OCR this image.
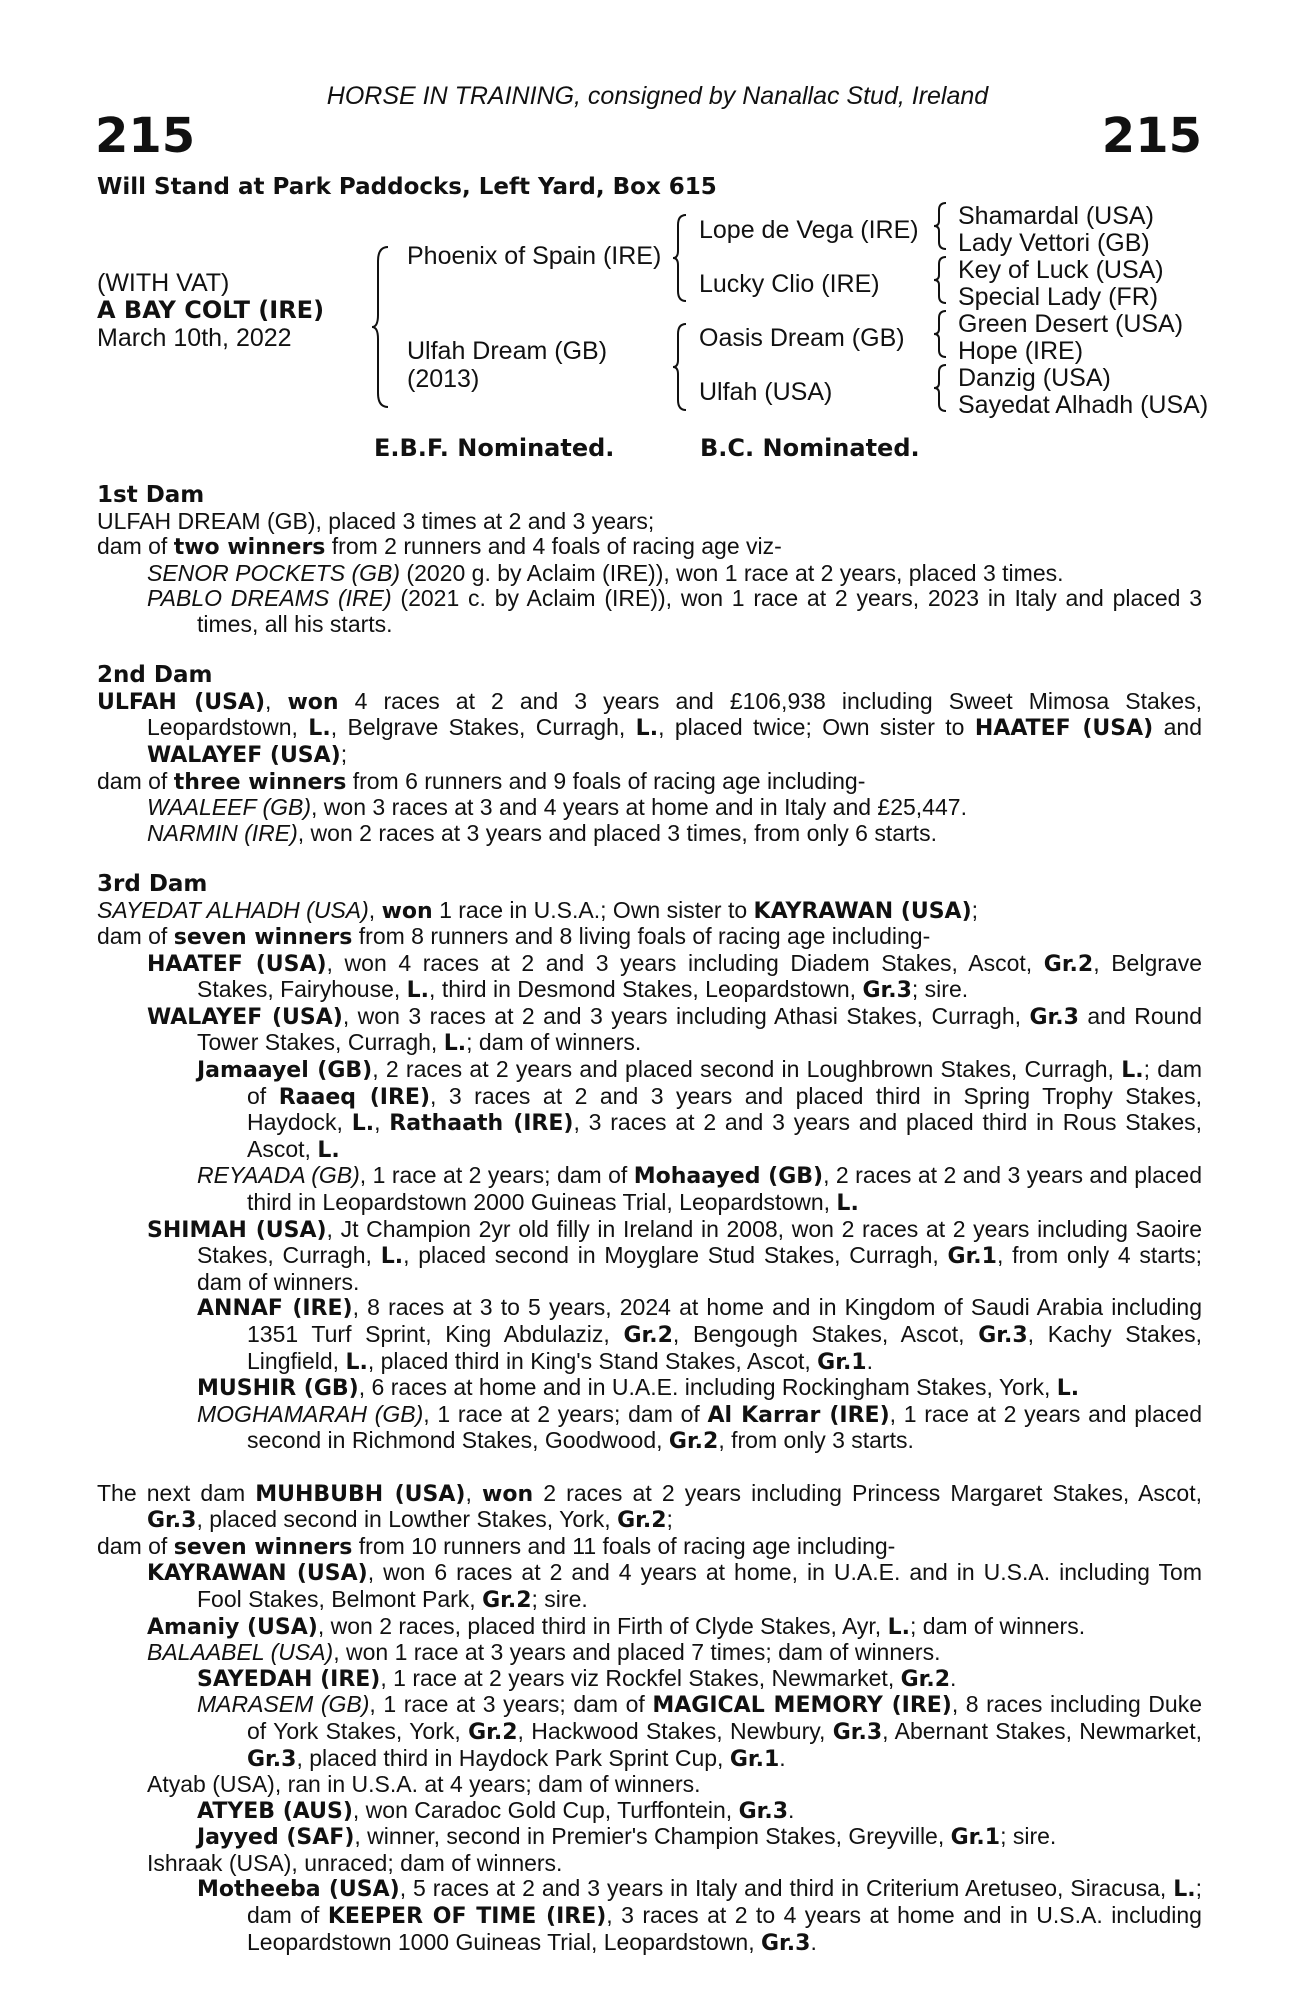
HORSE IN TRAINING, consigned by Nanallac Stud, Ireland
215	215
Will Stand at Park Paddocks, Left Yard, Box 615
(WITH VAT)
A BAY COLT (IRE)
March 10th, 2022
Phoenix of Spain (IRE)
Ulfah Dream (GB)
(2013)
Lope de Vega (IRE)
Lucky Clio (IRE)
Oasis Dream (GB)
Ulfah (USA)
Shamardal (USA)
Lady Vettori (GB)
Key of Luck (USA)
Special Lady (FR)
Green Desert (USA)
Hope (IRE)
Danzig (USA)
Sayedat Alhadh (USA)
E.B.F. Nominated.	B.C. Nominated.

1st Dam

ULFAH DREAM (GB), placed 3 times at 2 and 3 years;

dam of two winners from 2 runners and 4 foals of racing age viz-

SENOR POCKETS (GB) (2020 g. by Aclaim (IRE)), won 1 race at 2 years, placed 3 times.

PABLO DREAMS (IRE) (2021 c. by Aclaim (IRE)), won 1 race at 2 years, 2023 in Italy and placed 3 times, all his starts.

2nd Dam

ULFAH (USA), won 4 races at 2 and 3 years and £106,938 including Sweet Mimosa Stakes, Leopardstown, L., Belgrave Stakes, Curragh, L., placed twice; Own sister to HAATEF (USA) and WALAYEF (USA);

dam of three winners from 6 runners and 9 foals of racing age including-

WAALEEF (GB), won 3 races at 3 and 4 years at home and in Italy and £25,447.

NARMIN (IRE), won 2 races at 3 years and placed 3 times, from only 6 starts.

3rd Dam

SAYEDAT ALHADH (USA), won 1 race in U.S.A.; Own sister to KAYRAWAN (USA);

dam of seven winners from 8 runners and 8 living foals of racing age including-

HAATEF (USA), won 4 races at 2 and 3 years including Diadem Stakes, Ascot, Gr.2, Belgrave Stakes, Fairyhouse, L., third in Desmond Stakes, Leopardstown, Gr.3; sire.

WALAYEF (USA), won 3 races at 2 and 3 years including Athasi Stakes, Curragh, Gr.3 and Round Tower Stakes, Curragh, L.; dam of winners.

Jamaayel (GB), 2 races at 2 years and placed second in Loughbrown Stakes, Curragh, L.; dam of Raaeq (IRE), 3 races at 2 and 3 years and placed third in Spring Trophy Stakes, Haydock, L., Rathaath (IRE), 3 races at 2 and 3 years and placed third in Rous Stakes, Ascot, L.

REYAADA (GB), 1 race at 2 years; dam of Mohaayed (GB), 2 races at 2 and 3 years and placed third in Leopardstown 2000 Guineas Trial, Leopardstown, L.

SHIMAH (USA), Jt Champion 2yr old filly in Ireland in 2008, won 2 races at 2 years including Saoire Stakes, Curragh, L., placed second in Moyglare Stud Stakes, Curragh, Gr.1, from only 4 starts; dam of winners.

ANNAF (IRE), 8 races at 3 to 5 years, 2024 at home and in Kingdom of Saudi Arabia including 1351 Turf Sprint, King Abdulaziz, Gr.2, Bengough Stakes, Ascot, Gr.3, Kachy Stakes, Lingfield, L., placed third in King's Stand Stakes, Ascot, Gr.1.

MUSHIR (GB), 6 races at home and in U.A.E. including Rockingham Stakes, York, L.

MOGHAMARAH (GB), 1 race at 2 years; dam of Al Karrar (IRE), 1 race at 2 years and placed second in Richmond Stakes, Goodwood, Gr.2, from only 3 starts.

The next dam MUHBUBH (USA), won 2 races at 2 years including Princess Margaret Stakes, Ascot, Gr.3, placed second in Lowther Stakes, York, Gr.2;

dam of seven winners from 10 runners and 11 foals of racing age including-

KAYRAWAN (USA), won 6 races at 2 and 4 years at home, in U.A.E. and in U.S.A. including Tom Fool Stakes, Belmont Park, Gr.2; sire.

Amaniy (USA), won 2 races, placed third in Firth of Clyde Stakes, Ayr, L.; dam of winners.

BALAABEL (USA), won 1 race at 3 years and placed 7 times; dam of winners.

SAYEDAH (IRE), 1 race at 2 years viz Rockfel Stakes, Newmarket, Gr.2.

MARASEM (GB), 1 race at 3 years; dam of MAGICAL MEMORY (IRE), 8 races including Duke of York Stakes, York, Gr.2, Hackwood Stakes, Newbury, Gr.3, Abernant Stakes, Newmarket, Gr.3, placed third in Haydock Park Sprint Cup, Gr.1.

Atyab (USA), ran in U.S.A. at 4 years; dam of winners.

ATYEB (AUS), won Caradoc Gold Cup, Turffontein, Gr.3.

Jayyed (SAF), winner, second in Premier's Champion Stakes, Greyville, Gr.1; sire.

Ishraak (USA), unraced; dam of winners.

Motheeba (USA), 5 races at 2 and 3 years in Italy and third in Criterium Aretuseo, Siracusa, L.; dam of KEEPER OF TIME (IRE), 3 races at 2 to 4 years at home and in U.S.A. including Leopardstown 1000 Guineas Trial, Leopardstown, Gr.3.
